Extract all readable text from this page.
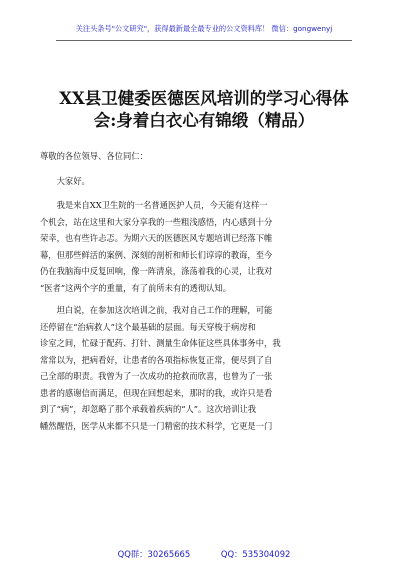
关注头条号"公文研究"，获得最新最全最专业的公文资料库！ 微信：gongwenyj
XX县卫健委医德医风培训的学习心得体
会:身着白衣心有锦缎（精品）

尊敬的各位领导、各位同仁：

大家好。

我是来自XX卫生院的一名普通医护人员，今天能有这样一
个机会，站在这里和大家分享我的一些粗浅感悟，内心感到十分
荣幸，也有些许忐忑。为期六天的医德医风专题培训已经落下帷
幕，但那些鲜活的案例、深刻的剖析和师长们谆谆的教诲，至今
仍在我脑海中反复回响，像一阵清泉，涤荡着我的心灵，让我对
“医者”这两个字的重量，有了前所未有的透彻认知。

坦白说，在参加这次培训之前，我对自己工作的理解，可能
还停留在“治病救人”这个最基础的层面。每天穿梭于病房和
诊室之间，忙碌于配药、打针、测量生命体征这些具体事务中，我
常常以为，把病看好，让患者的各项指标恢复正常，便尽到了自
己全部的职责。我曾为了一次成功的抢救而欣喜，也曾为了一张
患者的感谢信而满足，但现在回想起来，那时的我，或许只是看
到了“病”，却忽略了那个承载着疾病的“人”。这次培训让我
幡然醒悟，医学从来都不只是一门精密的技术科学，它更是一门

QQ群：30265665	QQ：535304092
